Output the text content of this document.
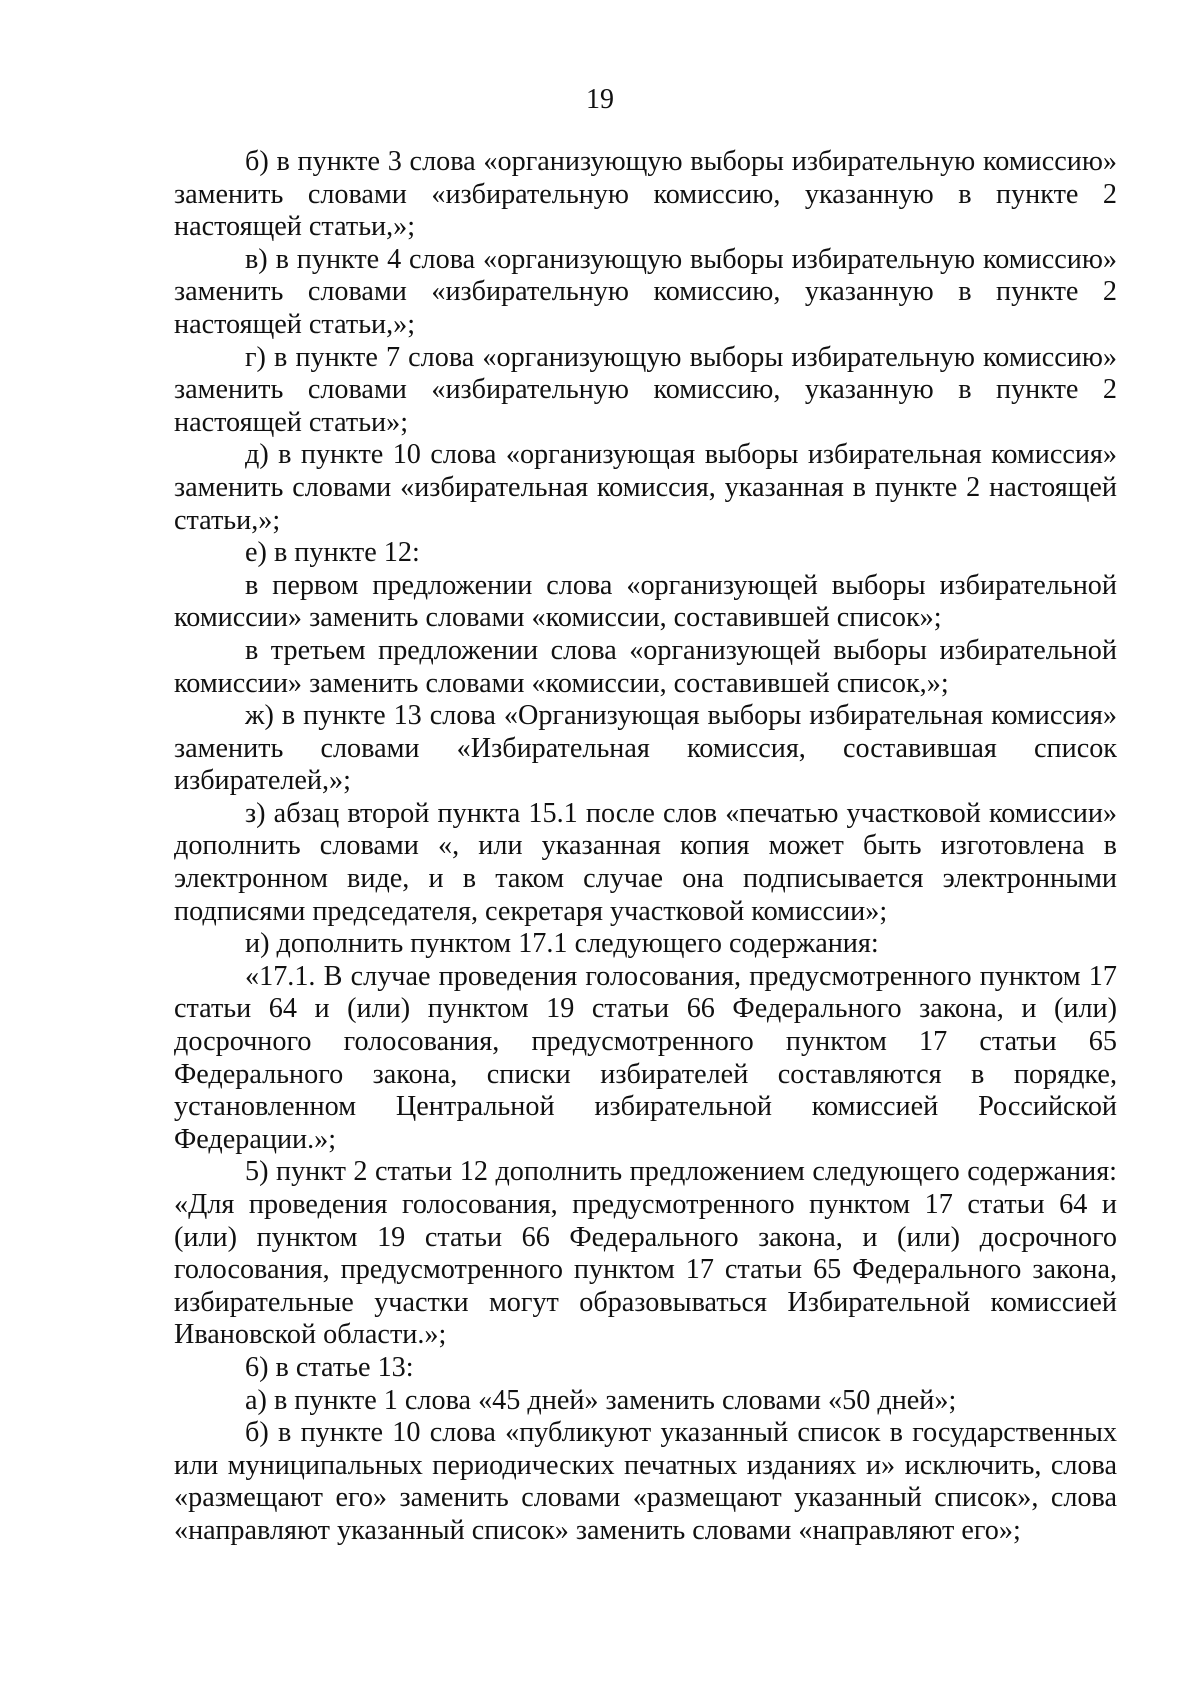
19

б) в пункте 3 слова «организующую выборы избирательную комиссию» заменить словами «избирательную комиссию, указанную в пункте 2 настоящей статьи,»;

в) в пункте 4 слова «организующую выборы избирательную комиссию» заменить словами «избирательную комиссию, указанную в пункте 2 настоящей статьи,»;

г) в пункте 7 слова «организующую выборы избирательную комиссию» заменить словами «избирательную комиссию, указанную в пункте 2 настоящей статьи»;

д) в пункте 10 слова «организующая выборы избирательная комиссия» заменить словами «избирательная комиссия, указанная в пункте 2 настоящей статьи,»;

е) в пункте 12:

в первом предложении слова «организующей выборы избирательной комиссии» заменить словами «комиссии, составившей список»;

в третьем предложении слова «организующей выборы избирательной комиссии» заменить словами «комиссии, составившей список,»;

ж) в пункте 13 слова «Организующая выборы избирательная комиссия» заменить словами «Избирательная комиссия, составившая список избирателей,»;

з) абзац второй пункта 15.1 после слов «печатью участковой комиссии» дополнить словами «, или указанная копия может быть изготовлена в электронном виде, и в таком случае она подписывается электронными подписями председателя, секретаря участковой комиссии»;

и) дополнить пунктом 17.1 следующего содержания:

«17.1. В случае проведения голосования, предусмотренного пунктом 17 статьи 64 и (или) пунктом 19 статьи 66 Федерального закона, и (или) досрочного голосования, предусмотренного пунктом 17 статьи 65 Федерального закона, списки избирателей составляются в порядке, установленном Центральной избирательной комиссией Российской Федерации.»;

5) пункт 2 статьи 12 дополнить предложением следующего содержания: «Для проведения голосования, предусмотренного пунктом 17 статьи 64 и (или) пунктом 19 статьи 66 Федерального закона, и (или) досрочного голосования, предусмотренного пунктом 17 статьи 65 Федерального закона, избирательные участки могут образовываться Избирательной комиссией Ивановской области.»;

6) в статье 13:

а) в пункте 1 слова «45 дней» заменить словами «50 дней»;

б) в пункте 10 слова «публикуют указанный список в государственных или муниципальных периодических печатных изданиях и» исключить, слова «размещают его» заменить словами «размещают указанный список», слова «направляют указанный список» заменить словами «направляют его»;
